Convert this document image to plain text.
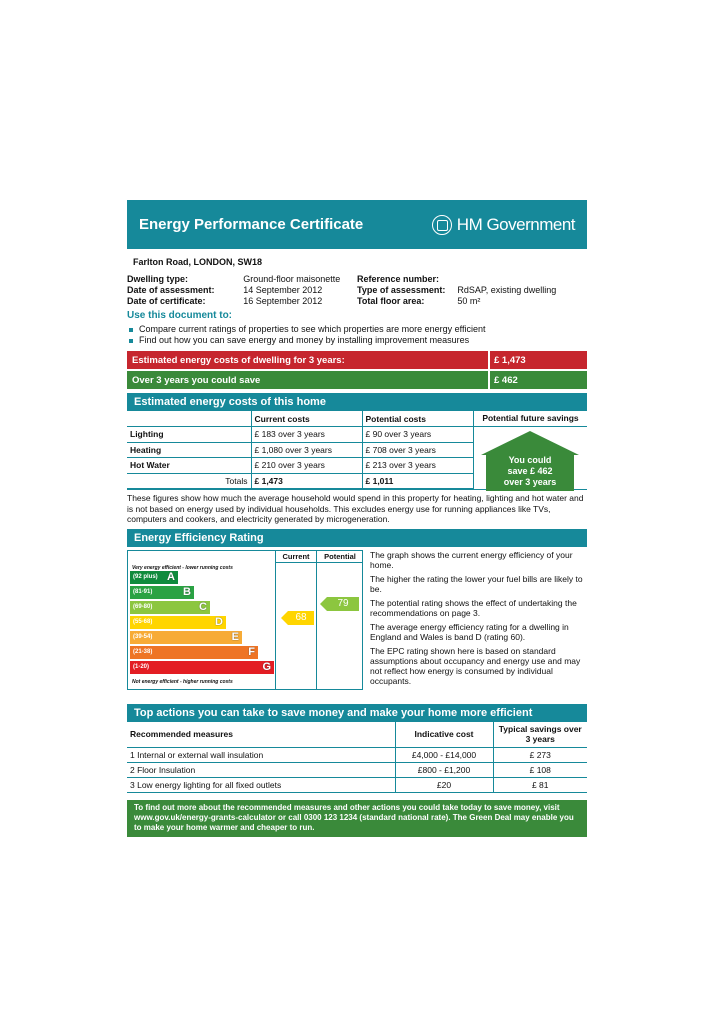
Energy Performance Certificate	HM Government
Farlton Road, LONDON, SW18
Dwelling type:	Ground-floor maisonette
Date of assessment:	14 September 2012
Date of certificate:	16 September 2012
Reference number:
Type of assessment: RdSAP, existing dwelling
Total floor area:	50 m²
Use this document to:
Compare current ratings of properties to see which properties are more energy efficient
Find out how you can save energy and money by installing improvement measures
Estimated energy costs of dwelling for 3 years:	£ 1,473
Over 3 years you could save	£ 462
Estimated energy costs of this home
	Current costs	Potential costs
Lighting	£ 183 over 3 years	£ 90 over 3 years
Heating	£ 1,080 over 3 years	£ 708 over 3 years
Hot Water	£ 210 over 3 years	£ 213 over 3 years
Totals	£ 1,473	£ 1,011
Potential future savings
You could
save £ 462
over 3 years
These figures show how much the average household would spend in this property for heating, lighting and hot water and is not based on energy used by individual households. This excludes energy use for running appliances like TVs, computers and cookers, and electricity generated by microgeneration.
Energy Efficiency Rating
Current	Potential
Very energy efficient - lower running costs
(92 plus) A
(81-91)	B
(69-80)	C
(55-68)	D
(39-54)	E
(21-38)	F
(1-20)	G
Not energy efficient - higher running costs
68
79

The graph shows the current energy efficiency of your home.

The higher the rating the lower your fuel bills are likely to be.

The potential rating shows the effect of undertaking the recommendations on page 3.

The average energy efficiency rating for a dwelling in England and Wales is band D (rating 60).

The EPC rating shown here is based on standard assumptions about occupancy and energy use and may not reflect how energy is consumed by individual occupants.

Top actions you can take to save money and make your home more efficient
Recommended measures	Indicative cost	Typical savings over 3 years
1 Internal or external wall insulation	£4,000 - £14,000	£ 273
2 Floor Insulation	£800 - £1,200	£ 108
3 Low energy lighting for all fixed outlets	£20	£ 81
To find out more about the recommended measures and other actions you could take today to save money, visit www.gov.uk/energy-grants-calculator or call 0300 123 1234 (standard national rate). The Green Deal may enable you to make your home warmer and cheaper to run.
